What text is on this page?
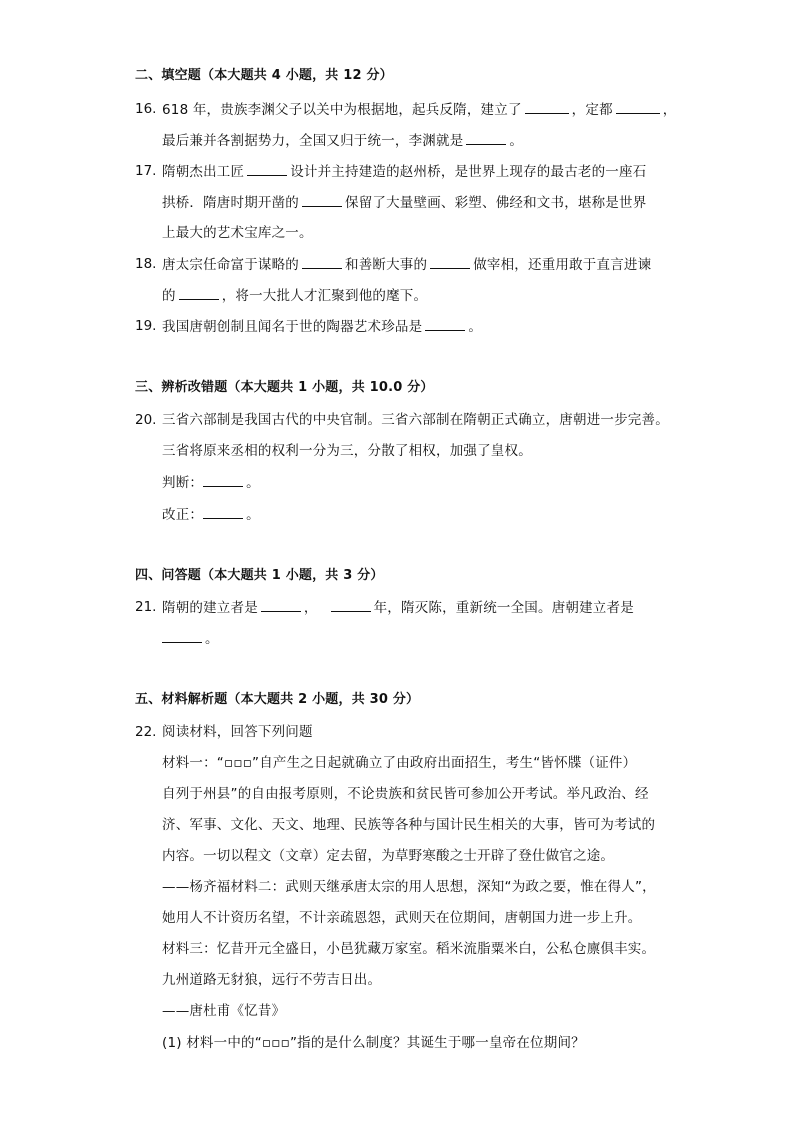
二、填空题（本大题共 4 小题，共 12 分）
16. 618 年，贵族李渊父子以关中为根据地，起兵反隋，建立了	，定都	，
最后兼并各割据势力，全国又归于统一，李渊就是	。
17. 隋朝杰出工匠	设计并主持建造的赵州桥，是世界上现存的最古老的一座石
拱桥．隋唐时期开凿的	保留了大量壁画、彩塑、佛经和文书，堪称是世界
上最大的艺术宝库之一。
18. 唐太宗任命富于谋略的	和善断大事的	做宰相，还重用敢于直言进谏
的	，将一大批人才汇聚到他的麾下。
19. 我国唐朝创制且闻名于世的陶器艺术珍品是	。
三、辨析改错题（本大题共 1 小题，共 10.0 分）
20. 三省六部制是我国古代的中央官制。三省六部制在隋朝正式确立，唐朝进一步完善。
三省将原来丞相的权利一分为三，分散了相权，加强了皇权。
判断：	。
改正：	。
四、问答题（本大题共 1 小题，共 3 分）
21. 隋朝的建立者是	，	年，隋灭陈，重新统一全国。唐朝建立者是
。
五、材料解析题（本大题共 2 小题，共 30 分）
22. 阅读材料，回答下列问题
材料一：“▫▫▫”自产生之日起就确立了由政府出面招生，考生“皆怀牒（证件）
自列于州县”的自由报考原则，不论贵族和贫民皆可参加公开考试。举凡政治、经
济、军事、文化、天文、地理、民族等各种与国计民生相关的大事，皆可为考试的
内容。一切以程文（文章）定去留，为草野寒酸之士开辟了登仕做官之途。
——杨齐福材料二：武则天继承唐太宗的用人思想，深知“为政之要，惟在得人”，
她用人不计资历名望，不计亲疏恩怨，武则天在位期间，唐朝国力进一步上升。
材料三：忆昔开元全盛日，小邑犹藏万家室。稻米流脂粟米白，公私仓廪俱丰实。
九州道路无豺狼，远行不劳吉日出。
——唐杜甫《忆昔》
(1) 材料一中的“▫▫▫”指的是什么制度？其诞生于哪一皇帝在位期间？
